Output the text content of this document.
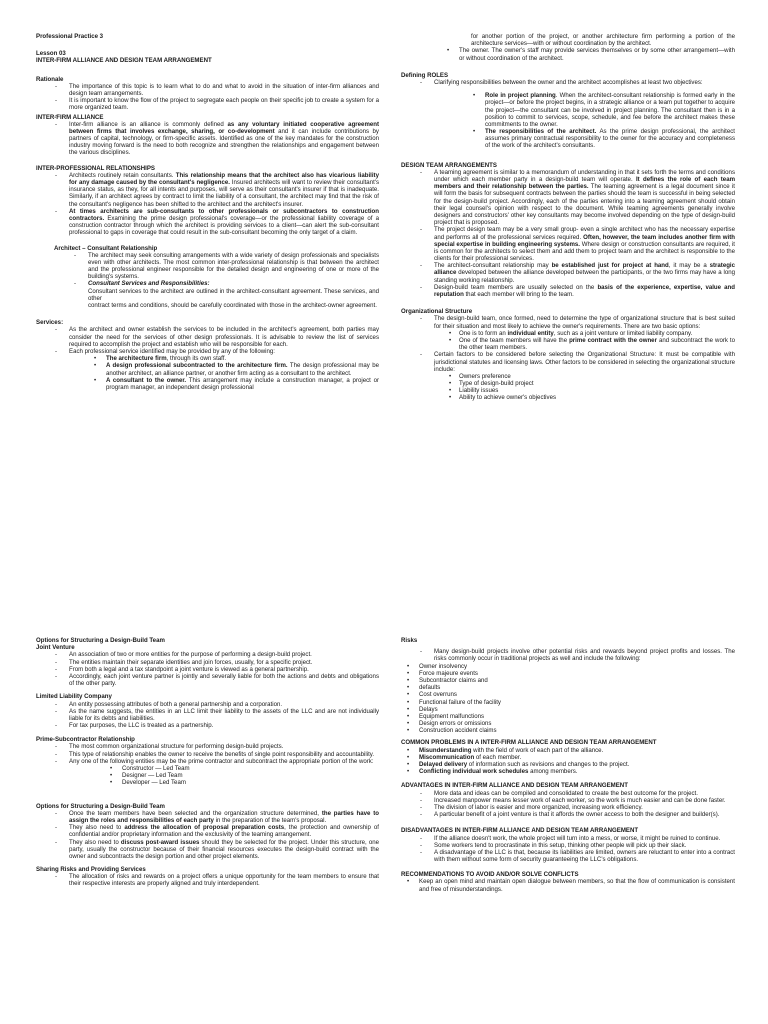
Professional Practice 3
Lesson 03
INTER-FIRM ALLIANCE AND DESIGN TEAM ARRANGEMENT
Rationale
- The importance of this topic is to learn what to do and what to avoid in the situation of inter-firm alliances and design team arrangements.
- It is important to know the flow of the project to segregate each people on their specific job to create a system for a more organized team.
INTER-FIRM ALLIANCE
- Inter-firm alliance is an alliance is commonly defined as any voluntary initiated cooperative agreement between firms that involves exchange, sharing, or co-development and it can include contributions by partners of capital, technology, or firm-specific assets. Identified as one of the key mandates for the construction industry moving forward is the need to both recognize and strengthen the relationships and engagement between the various disciplines.
INTER-PROFESSIONAL RELATIONSHIPS
- Architects routinely retain consultants. This relationship means that the architect also has vicarious liability for any damage caused by the consultant's negligence. Insured architects will want to review their consultant's insurance status, as they, for all intents and purposes, will serve as their consultant's insurer if that is inadequate. Similarly, if an architect agrees by contract to limit the liability of a consultant, the architect may find that the risk of the consultant's negligence has been shifted to the architect and the architect's insurer.
- At times architects are sub-consultants to other professionals or subcontractors to construction contractors. Examining the prime design professional's coverage—or the professional liability coverage of a construction contractor through which the architect is providing services to a client—can alert the sub-consultant professional to gaps in coverage that could result in the sub-consultant becoming the only target of a claim.
Architect – Consultant Relationship
- The architect may seek consulting arrangements with a wide variety of design professionals and specialists even with other architects. The most common inter-professional relationship is that between the architect and the professional engineer responsible for the detailed design and engineering of one or more of the building's systems.
- Consultant Services and Responsibilities:
Consultant services to the architect are outlined in the architect-consultant agreement. These services, and other
contract terms and conditions, should be carefully coordinated with those in the architect-owner agreement.
Services:
- As the architect and owner establish the services to be included in the architect's agreement, both parties may consider the need for the services of other design professionals. It is advisable to review the list of services required to accomplish the project and establish who will be responsible for each.
- Each professional service identified may be provided by any of the following:
• The architecture firm, through its own staff.
• A design professional subcontracted to the architecture firm. The design professional may be another architect, an alliance partner, or another firm acting as a consultant to the architect.
• A consultant to the owner. This arrangement may include a construction manager, a project or program manager, an independent design professional
for another portion of the project, or another architecture firm performing a portion of the architecture services—with or without coordination by the architect.
• The owner. The owner's staff may provide services themselves or by some other arrangement—with or without coordination of the architect.
Defining ROLES
- Clarifying responsibilities between the owner and the architect accomplishes at least two objectives:
• Role in project planning. When the architect-consultant relationship is formed early in the project—or before the project begins, in a strategic alliance or a team put together to acquire the project—the consultant can be involved in project planning. The consultant then is in a position to commit to services, scope, schedule, and fee before the architect makes these commitments to the owner.
• The responsibilities of the architect. As the prime design professional, the architect assumes primary contractual responsibility to the owner for the accuracy and completeness of the work of the architect's consultants.
DESIGN TEAM ARRANGEMENTS
- A teaming agreement is similar to a memorandum of understanding in that it sets forth the terms and conditions under which each member party in a design-build team will operate. It defines the role of each team members and their relationship between the parties. The teaming agreement is a legal document since it will form the basis for subsequent contracts between the parties should the team is successful in being selected for the design-build project. Accordingly, each of the parties entering into a teaming agreement should obtain their legal counsel's opinion with respect to the document. While teaming agreements generally involve designers and constructors' other key consultants may become involved depending on the type of design-build project that is proposed.
- The project design team may be a very small group- even a single architect who has the necessary expertise and performs all of the professional services required. Often, however, the team includes another firm with special expertise in building engineering systems. Where design or construction consultants are required, it is common for the architects to select them and add them to project team and the architect is responsible to the clients for their professional services.
- The architect-consultant relationship may be established just for project at hand, it may be a strategic alliance developed between the alliance developed between the participants, or the two firms may have a long standing working relationship.
- Design-build team members are usually selected on the basis of the experience, expertise, value and reputation that each member will bring to the team.
Organizational Structure
- The design-build team, once formed, need to determine the type of organizational structure that is best suited for their situation and most likely to achieve the owner's requirements. There are two basic options:
• One is to form an individual entity, such as a joint venture or limited liability company.
• One of the team members will have the prime contract with the owner and subcontract the work to the other team members.
- Certain factors to be considered before selecting the Organizational Structure: It must be compatible with jurisdictional statutes and licensing laws. Other factors to be considered in selecting the organizational structure include:
• Owners preference
• Type of design-build project
• Liability issues
• Ability to achieve owner's objectives
Options for Structuring a Design-Build Team
Joint Venture
- An association of two or more entities for the purpose of performing a design-build project.
- The entities maintain their separate identities and join forces, usually, for a specific project.
- From both a legal and a tax standpoint a joint venture is viewed as a general partnership.
- Accordingly, each joint venture partner is jointly and severally liable for both the actions and debts and obligations of the other party.
Limited Liability Company
- An entity possessing attributes of both a general partnership and a corporation.
- As the name suggests, the entities in an LLC limit their liability to the assets of the LLC and are not individually liable for its debts and liabilities.
- For tax purposes, the LLC is treated as a partnership.
Prime-Subcontractor Relationship
- The most common organizational structure for performing design-build projects.
- This type of relationship enables the owner to receive the benefits of single point responsibility and accountability.
- Any one of the following entities may be the prime contractor and subcontract the appropriate portion of the work:
• Constructor — Led Team
• Designer — Led Team
• Developer — Led Team
Options for Structuring a Design-Build Team
- Once the team members have been selected and the organization structure determined, the parties have to assign the roles and responsibilities of each party in the preparation of the team's proposal.
- They also need to address the allocation of proposal preparation costs, the protection and ownership of confidential and/or proprietary information and the exclusivity of the teaming arrangement.
- They also need to discuss post-award issues should they be selected for the project. Under this structure, one party, usually the constructor because of their financial resources executes the design-build contract with the owner and subcontracts the design portion and other project elements.
Sharing Risks and Providing Services
- The allocation of risks and rewards on a project offers a unique opportunity for the team members to ensure that their respective interests are properly aligned and truly interdependent.
Risks
- Many design-build projects involve other potential risks and rewards beyond project profits and losses. The risks commonly occur in traditional projects as well and include the following:
• Owner insolvency
• Force majeure events
• Subcontractor claims and
• defaults
• Cost overruns
• Functional failure of the facility
• Delays
• Equipment malfunctions
• Design errors or omissions
• Construction accident claims
COMMON PROBLEMS IN A INTER-FIRM ALLIANCE AND DESIGN TEAM ARRANGEMENT
• Misunderstanding with the field of work of each part of the alliance.
• Miscommunication of each member.
• Delayed delivery of information such as revisions and changes to the project.
• Conflicting individual work schedules among members.
ADVANTAGES IN INTER-FIRM ALLIANCE AND DESIGN TEAM ARRANGEMENT
- More data and ideas can be compiled and consolidated to create the best outcome for the project.
- Increased manpower means lesser work of each worker, so the work is much easier and can be done faster.
- The division of labor is easier and more organized, increasing work efficiency.
- A particular benefit of a joint venture is that it affords the owner access to both the designer and builder(s).
DISADVANTAGES IN INTER-FIRM ALLIANCE AND DESIGN TEAM ARRANGEMENT
- If the alliance doesn't work, the whole project will turn into a mess, or worse, it might be ruined to continue.
- Some workers tend to procrastinate in this setup, thinking other people will pick up their slack.
- A disadvantage of the LLC is that, because its liabilities are limited, owners are reluctant to enter into a contract with them without some form of security guaranteeing the LLC's obligations.
RECOMMENDATIONS TO AVOID AND/OR SOLVE CONFLICTS
• Keep an open mind and maintain open dialogue between members, so that the flow of communication is consistent and free of misunderstandings.
